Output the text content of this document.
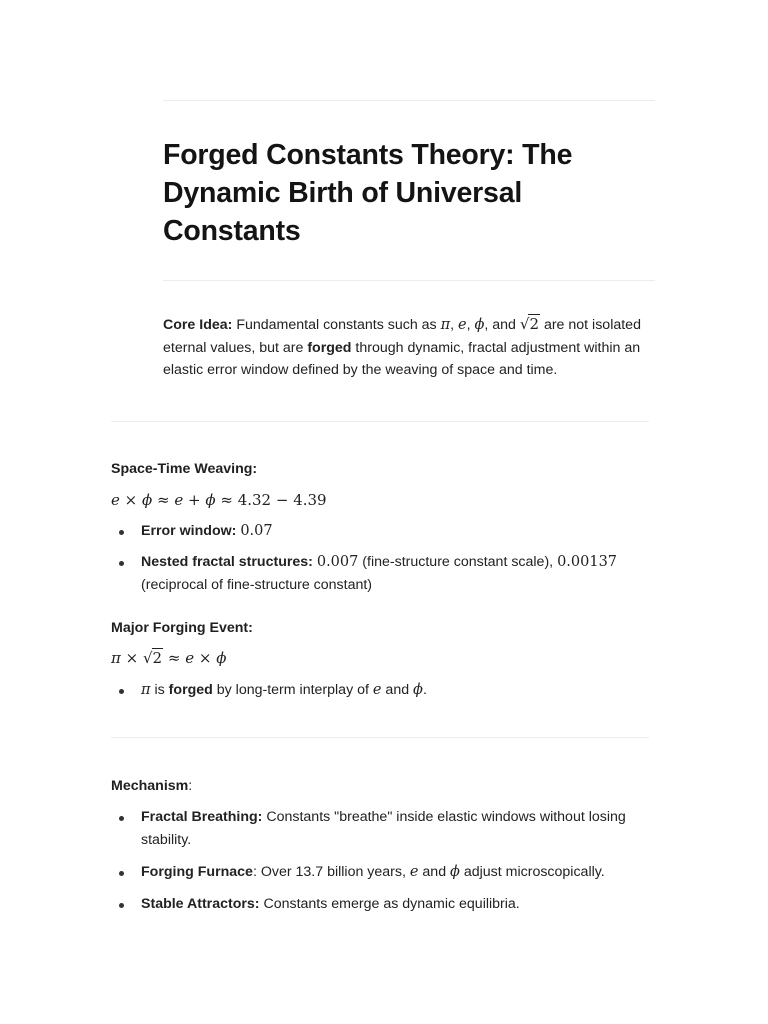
Forged Constants Theory: The Dynamic Birth of Universal Constants

Core Idea: Fundamental constants such as π, e, ϕ, and √2 are not isolated eternal values, but are forged through dynamic, fractal adjustment within an elastic error window defined by the weaving of space and time.

Space-Time Weaving:
e × ϕ ≈ e + ϕ ≈ 4.32 − 4.39
Error window: 0.07
Nested fractal structures: 0.007 (fine-structure constant scale), 0.00137 (reciprocal of fine-structure constant)
Major Forging Event:
π × √2 ≈ e × ϕ
π is forged by long-term interplay of e and ϕ.
Mechanism:
Fractal Breathing: Constants "breathe" inside elastic windows without losing stability.
Forging Furnace: Over 13.7 billion years, e and ϕ adjust microscopically.
Stable Attractors: Constants emerge as dynamic equilibria.
